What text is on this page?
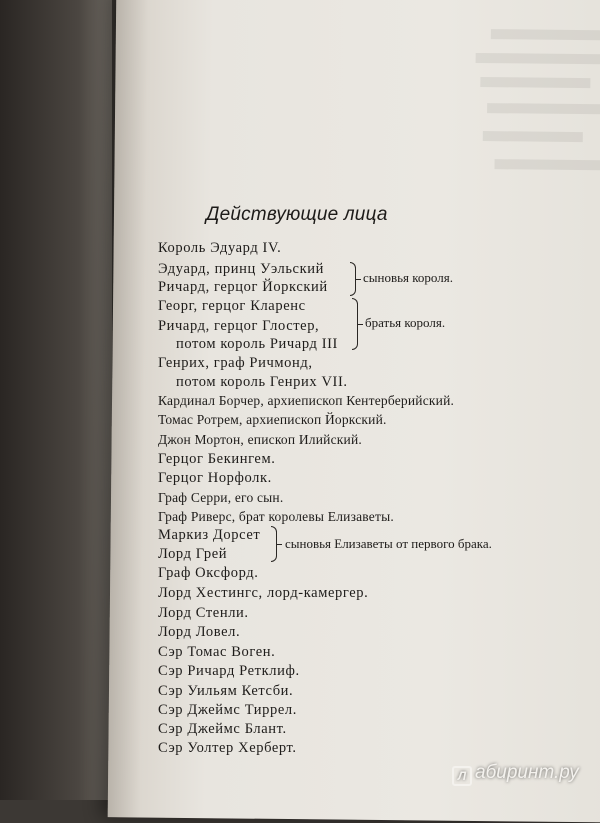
Действующие лица
Король Эдуард IV.
Эдуард, принц Уэльский
Ричард, герцог Йоркский
сыновья короля.
Георг, герцог Кларенс
Ричард, герцог Глостер,
потом король Ричард III
братья короля.
Генрих, граф Ричмонд,
потом король Генрих VII.
Кардинал Борчер, архиепископ Кентерберийский.
Томас Ротрем, архиепископ Йоркский.
Джон Мортон, епископ Илийский.
Герцог Бекингем.
Герцог Норфолк.
Граф Серри, его сын.
Граф Риверс, брат королевы Елизаветы.
Маркиз Дорсет
Лорд Грей
сыновья Елизаветы от первого брака.
Граф Оксфорд.
Лорд Хестингс, лорд-камергер.
Лорд Стенли.
Лорд Ловел.
Сэр Томас Воген.
Сэр Ричард Ретклиф.
Сэр Уильям Кетсби.
Сэр Джеймс Тиррел.
Сэр Джеймс Блант.
Сэр Уолтер Херберт.
Л абиринт.ру
